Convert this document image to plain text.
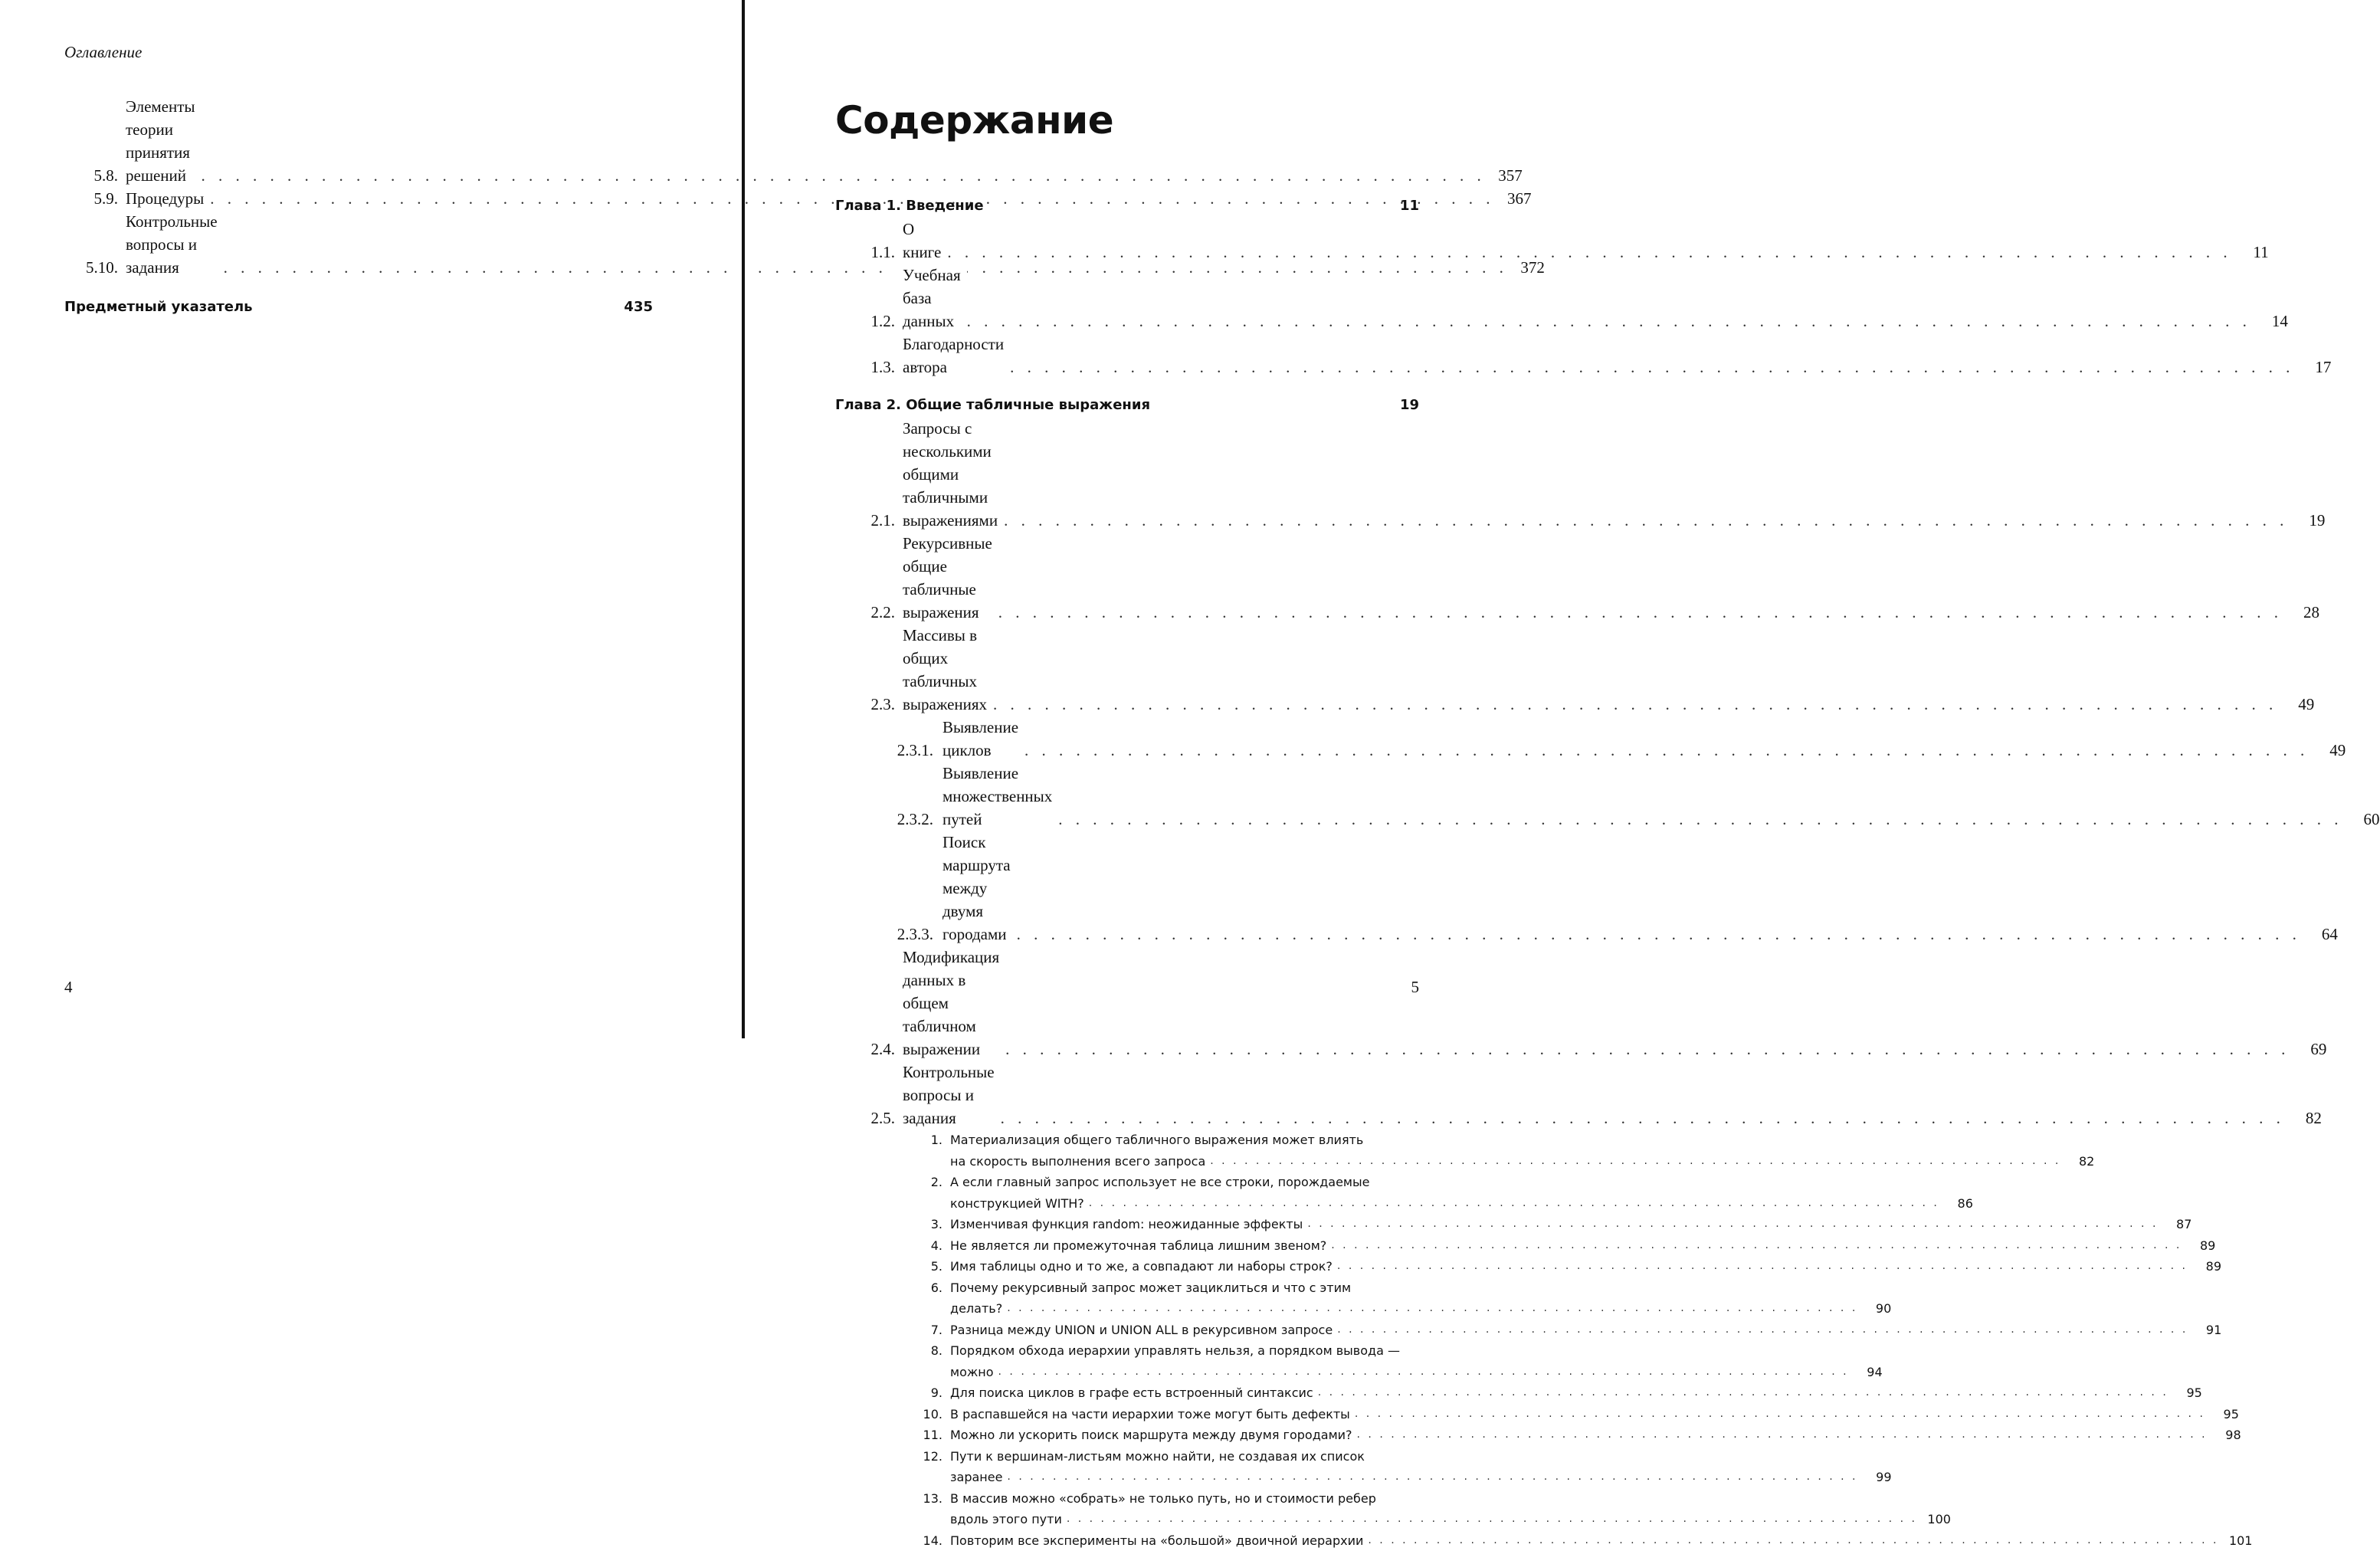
Оглавление
5.8.
Элементы теории принятия решений . . .	357
5.9. Процедуры . . .	367
5.10.
Контрольные вопросы и задания . . .	372
Предметный указатель	435
4
Содержание
Глава 1. Введение	11
1.1.
О книге . . .	11
1.2.
Учебная база данных . . .	14
1.3.
Благодарности автора . . .	17
Глава 2. Общие табличные выражения	19
2.1.
Запросы с несколькими общими табличными выражениями . . .	19
2.2.
Рекурсивные общие табличные выражения . . .	28
2.3.
Массивы в общих табличных выражениях . . .	49
2.3.1.
Выявление циклов . . .	49
2.3.2.
Выявление множественных путей . . .	60
2.3.3.
Поиск маршрута между двумя городами . . .	64
2.4.
Модификация данных в общем табличном выражении . . .	69
2.5.
Контрольные вопросы и задания . . .	82
1. Материализация общего табличного выражения может влиять
на скорость выполнения всего запроса . . .	82
2. А если главный запрос использует не все строки, порождаемые
конструкцией WITH? . . .	86
3. Изменчивая функция random: неожиданные эффекты . . .	87
4. Не является ли промежуточная таблица лишним звеном? . . .	89
5. Имя таблицы одно и то же, а совпадают ли наборы строк? . . .	89
6. Почему рекурсивный запрос может зациклиться и что с этим
делать? . . .	90
7. Разница между UNION и UNION ALL в рекурсивном запросе . . .	91
8. Порядком обхода иерархии управлять нельзя, а порядком вывода —
можно . . .	94
9. Для поиска циклов в графе есть встроенный синтаксис . . .	95
10. В распавшейся на части иерархии тоже могут быть дефекты . . .	95
11. Можно ли ускорить поиск маршрута между двумя городами? . . .	98
12. Пути к вершинам-листьям можно найти, не создавая их список
заранее . . .	99
13. В массив можно «собрать» не только путь, но и стоимости ребер
вдоль этого пути . . .	100
14. Повторим все эксперименты на «большой» двоичной иерархии . . .	101
5
